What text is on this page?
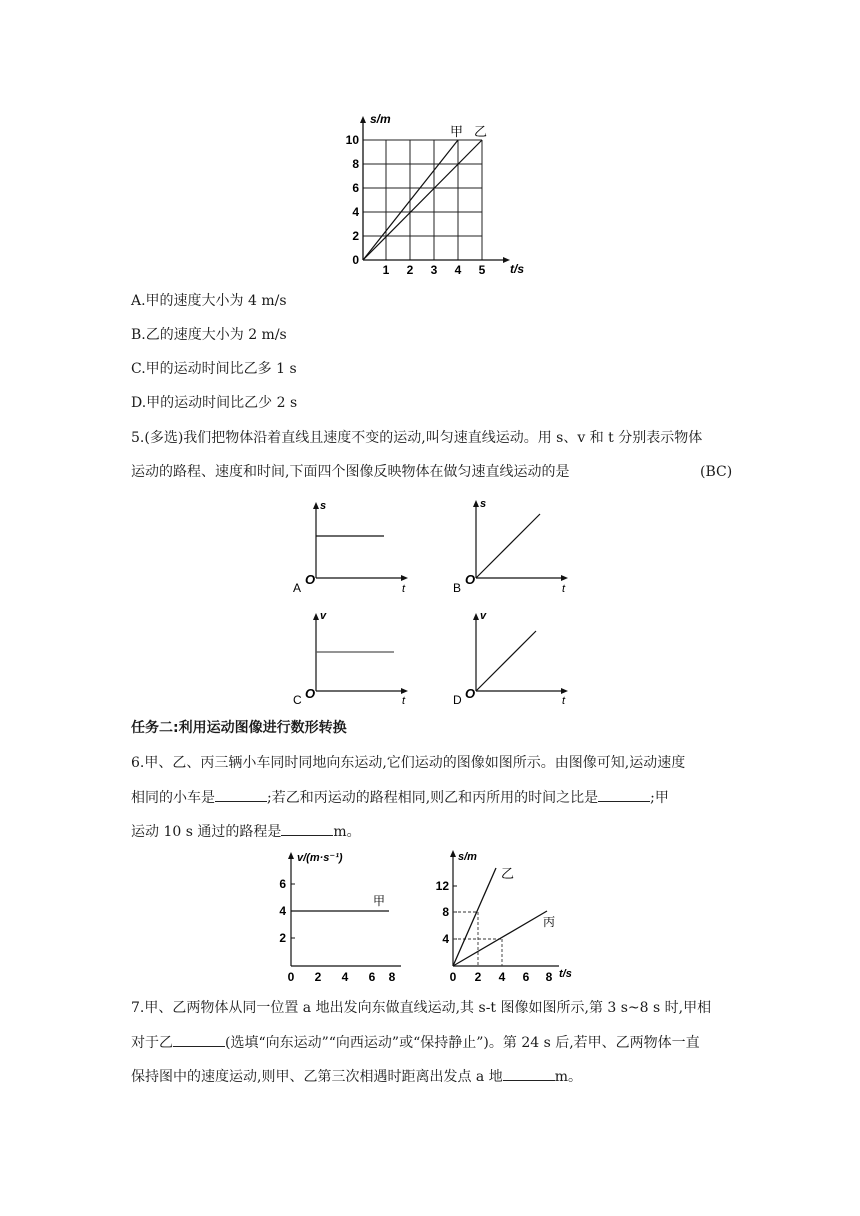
s/m
t/s
甲 乙
10
8
6
4
2
0
1 2 3 4 5
A.甲的速度大小为 4 m/s
B.乙的速度大小为 2 m/s
C.甲的运动时间比乙多 1 s
D.甲的运动时间比乙少 2 s
5.(多选)我们把物体沿着直线且速度不变的运动,叫匀速直线运动。用 s、v 和 t 分别表示物体
运动的路程、速度和时间,下面四个图像反映物体在做匀速直线运动的是	(BC)
s
t
O
A
s
t
O
B
v
t
O
C
v
t
O
D
任务二:利用运动图像进行数形转换
6.甲、乙、丙三辆小车同时同地向东运动,它们运动的图像如图所示。由图像可知,运动速度
相同的小车是	;若乙和丙运动的路程相同,则乙和丙所用的时间之比是	;甲
运动 10 s 通过的路程是	m。
v/(m·s⁻¹)
甲
6
4
2
0 2 4 6 8
s/m
t/s
乙
丙
12
8
4
0 2 4 6 8
7.甲、乙两物体从同一位置 a 地出发向东做直线运动,其 s-t 图像如图所示,第 3 s~8 s 时,甲相
对于乙	(选填“向东运动”“向西运动”或“保持静止”)。第 24 s 后,若甲、乙两物体一直
保持图中的速度运动,则甲、乙第三次相遇时距离出发点 a 地	m。
